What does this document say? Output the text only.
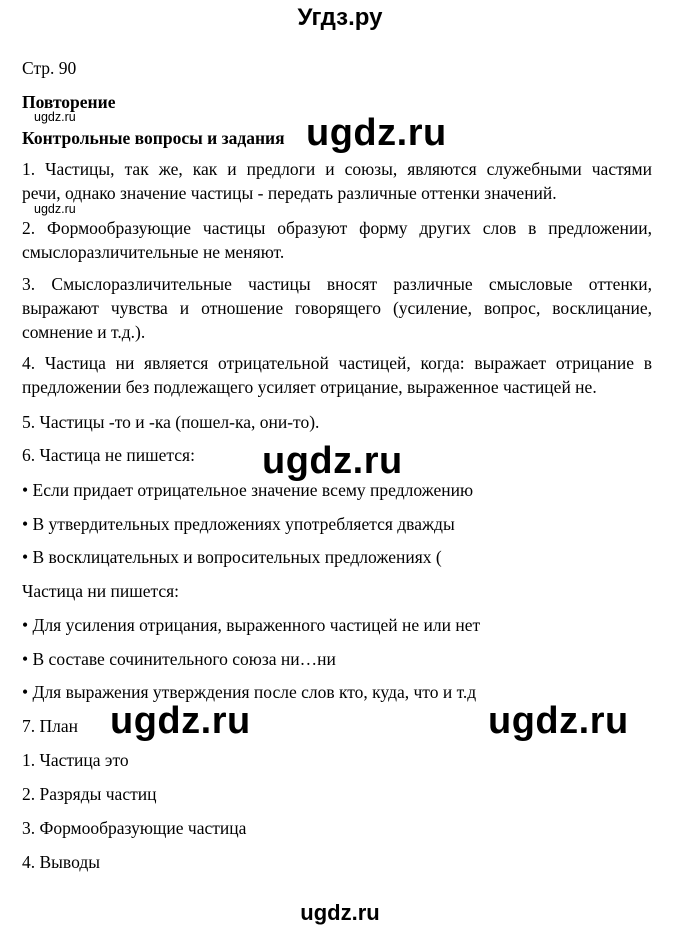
Угдз.ру
Стр. 90
Повторение
ugdz.ru
Контрольные вопросы и задания ugdz.ru
1. Частицы, так же, как и предлоги и союзы, являются служебными частями
речи, однако значение частицы - передать различные оттенки значений.
ugdz.ru
2. Формообразующие частицы образуют форму других слов в предложении,
смыслоразличительные не меняют.
3. Смыслоразличительные частицы вносят различные смысловые оттенки,
выражают чувства и отношение говорящего (усиление, вопрос, восклицание,
сомнение и т.д.).
4. Частица ни является отрицательной частицей, когда: выражает отрицание в
предложении без подлежащего усиляет отрицание, выраженное частицей не.
5. Частицы -то и -ка (пошел-ка, они-то).
6. Частица не пишется: ugdz.ru
• Если придает отрицательное значение всему предложению
• В утвердительных предложениях употребляется дважды
• В восклицательных и вопросительных предложениях (
Частица ни пишется:
• Для усиления отрицания, выраженного частицей не или нет
• В составе сочинительного союза ни…ни
• Для выражения утверждения после слов кто, куда, что и т.д
7. План ugdz.ru	ugdz.ru
1. Частица это
2. Разряды частиц
3. Формообразующие частица
4. Выводы
ugdz.ru
